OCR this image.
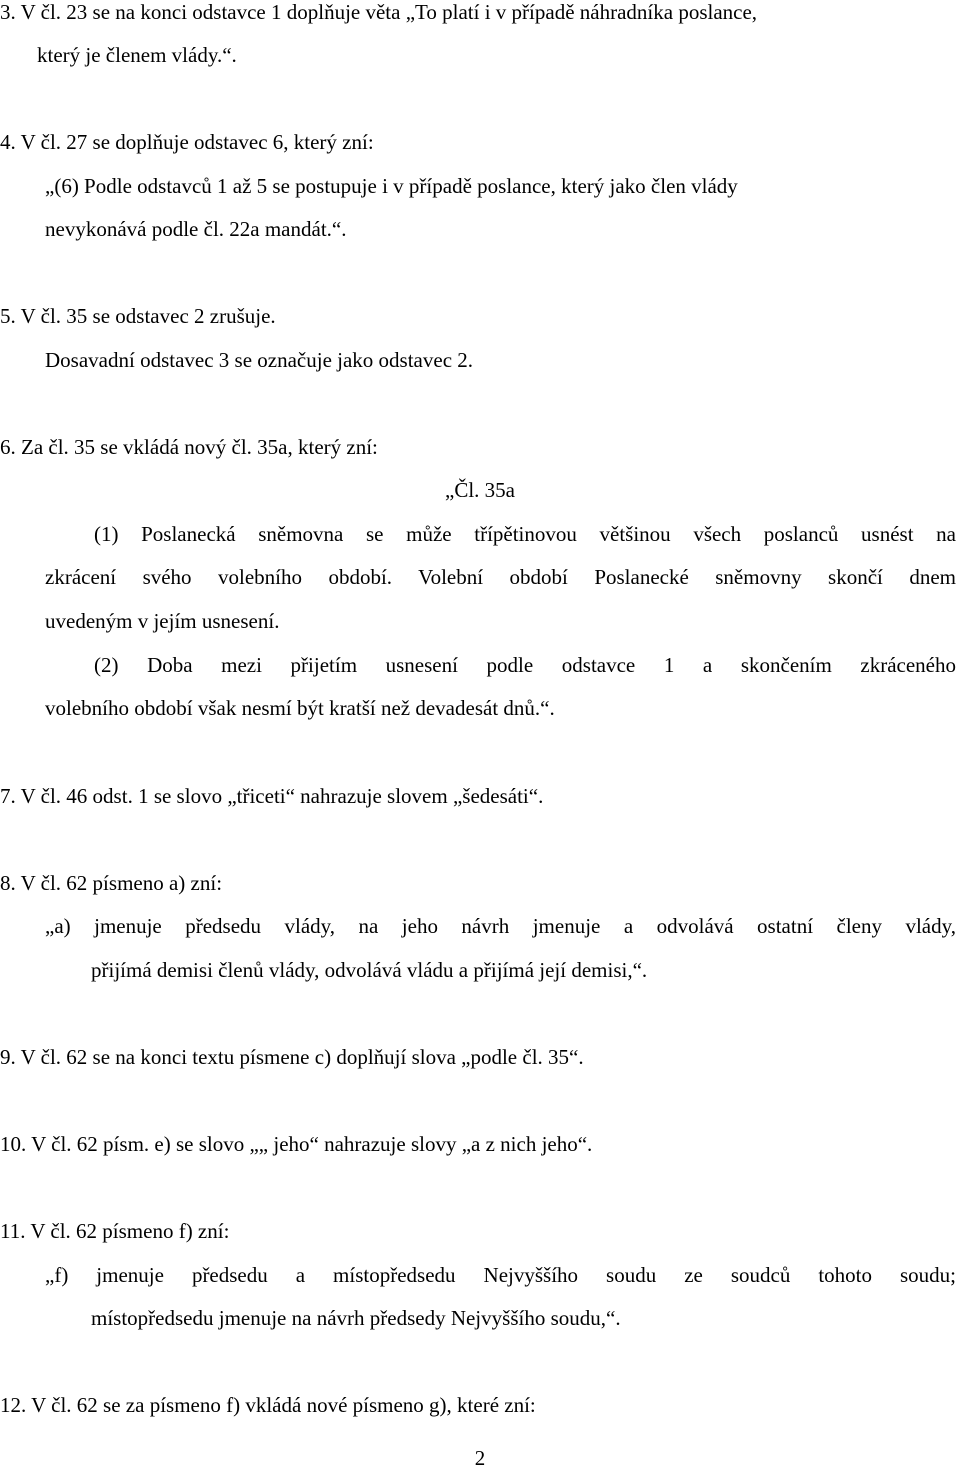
3. V čl. 23 se na konci odstavce 1 doplňuje věta „To platí i v případě náhradníka poslance,
který je členem vlády.“.
4. V čl. 27 se doplňuje odstavec 6, který zní:
„(6) Podle odstavců 1 až 5 se postupuje i v případě poslance, který jako člen vlády
nevykonává podle čl. 22a mandát.“.
5. V čl. 35 se odstavec 2 zrušuje.
Dosavadní odstavec 3 se označuje jako odstavec 2.
6. Za čl. 35 se vkládá nový čl. 35a, který zní:
„Čl. 35a
(1) Poslanecká sněmovna se může třípětinovou většinou všech poslanců usnést na
zkrácení svého volebního období. Volební období Poslanecké sněmovny skončí dnem
uvedeným v jejím usnesení.
(2) Doba mezi přijetím usnesení podle odstavce 1 a skončením zkráceného
volebního období však nesmí být kratší než devadesát dnů.“.
7. V čl. 46 odst. 1 se slovo „třiceti“ nahrazuje slovem „šedesáti“.
8. V čl. 62 písmeno a) zní:
„a) jmenuje předsedu vlády, na jeho návrh jmenuje a odvolává ostatní členy vlády,
přijímá demisi členů vlády, odvolává vládu a přijímá její demisi,“.
9. V čl. 62 se na konci textu písmene c) doplňují slova „podle čl. 35“.
10. V čl. 62 písm. e) se slovo „„ jeho“ nahrazuje slovy „a z nich jeho“.
11. V čl. 62 písmeno f) zní:
„f) jmenuje předsedu a místopředsedu Nejvyššího soudu ze soudců tohoto soudu;
místopředsedu jmenuje na návrh předsedy Nejvyššího soudu,“.
12. V čl. 62 se za písmeno f) vkládá nové písmeno g), které zní:
2
